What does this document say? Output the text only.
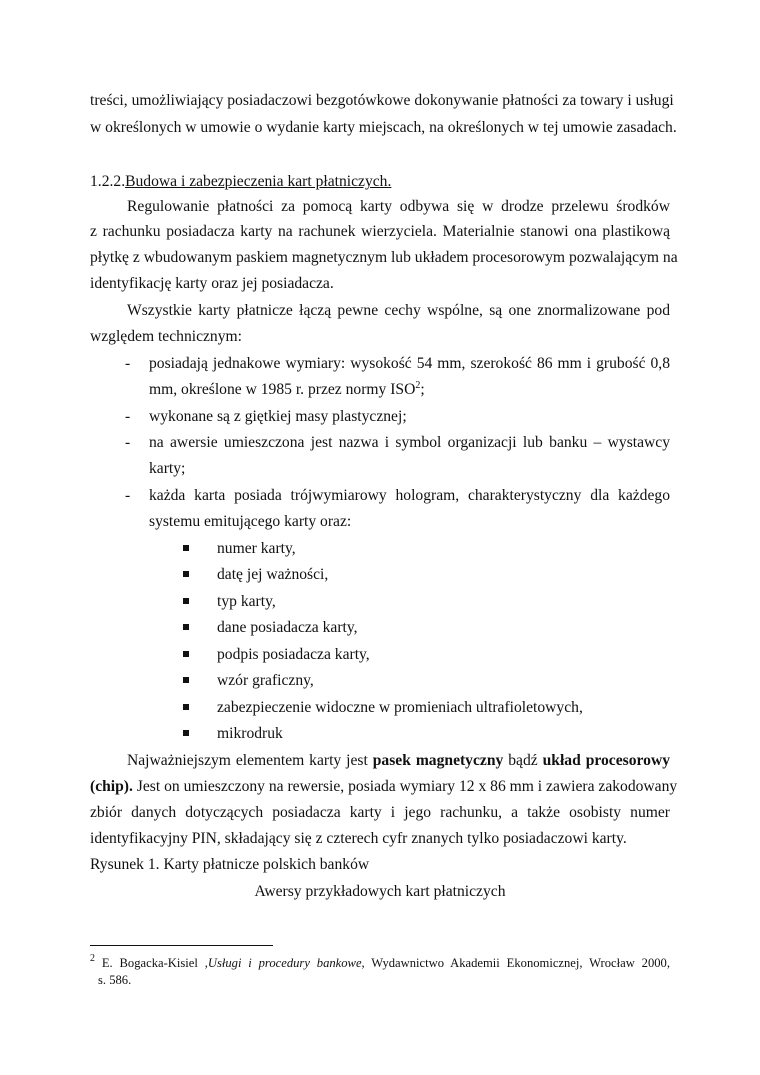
treści, umożliwiający posiadaczowi bezgotówkowe dokonywanie płatności za towary i usługi
w określonych w umowie o wydanie karty miejscach, na określonych w tej umowie zasadach.
1.2.2.Budowa i zabezpieczenia kart płatniczych.
Regulowanie płatności za pomocą karty odbywa się w drodze przelewu środków
z rachunku posiadacza karty na rachunek wierzyciela. Materialnie stanowi ona plastikową
płytkę z wbudowanym paskiem magnetycznym lub układem procesorowym pozwalającym na
identyfikację karty oraz jej posiadacza.
Wszystkie karty płatnicze łączą pewne cechy wspólne, są one znormalizowane pod
względem technicznym:
- posiadają jednakowe wymiary: wysokość 54 mm, szerokość 86 mm i grubość 0,8
mm, określone w 1985 r. przez normy ISO$^2$;
- wykonane są z giętkiej masy plastycznej;
- na awersie umieszczona jest nazwa i symbol organizacji lub banku – wystawcy
karty;
- każda karta posiada trójwymiarowy hologram, charakterystyczny dla każdego
systemu emitującego karty oraz:
numer karty,
datę jej ważności,
typ karty,
dane posiadacza karty,
podpis posiadacza karty,
wzór graficzny,
zabezpieczenie widoczne w promieniach ultrafioletowych,
mikrodruk
Najważniejszym elementem karty jest pasek magnetyczny bądź układ procesorowy
(chip). Jest on umieszczony na rewersie, posiada wymiary 12 x 86 mm i zawiera zakodowany
zbiór danych dotyczących posiadacza karty i jego rachunku, a także osobisty numer
identyfikacyjny PIN, składający się z czterech cyfr znanych tylko posiadaczowi karty.
Rysunek 1. Karty płatnicze polskich banków
Awersy przykładowych kart płatniczych
$^2$ E. Bogacka-Kisiel ,Usługi i procedury bankowe, Wydawnictwo Akademii Ekonomicznej, Wrocław 2000,
s. 586.
